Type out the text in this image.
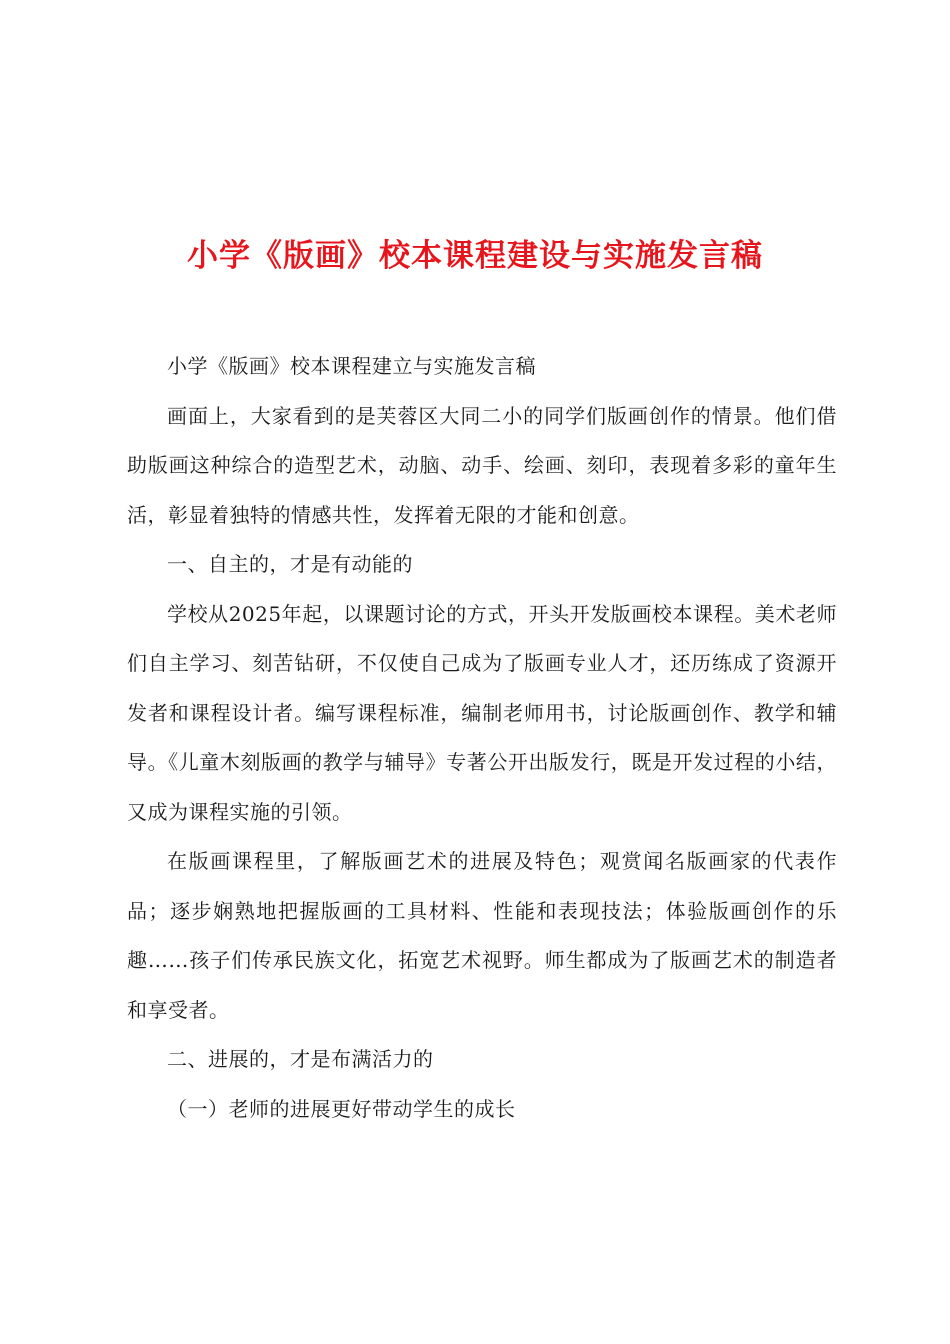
小学《版画》校本课程建设与实施发言稿

小学《版画》校本课程建立与实施发言稿

画面上，大家看到的是芙蓉区大同二小的同学们版画创作的情景。他们借助版画这种综合的造型艺术，动脑、动手、绘画、刻印，表现着多彩的童年生活，彰显着独特的情感共性，发挥着无限的才能和创意。

一、自主的，才是有动能的

学校从2025年起，以课题讨论的方式，开头开发版画校本课程。美术老师们自主学习、刻苦钻研，不仅使自己成为了版画专业人才，还历练成了资源开发者和课程设计者。编写课程标准，编制老师用书，讨论版画创作、教学和辅导。《儿童木刻版画的教学与辅导》专著公开出版发行，既是开发过程的小结，又成为课程实施的引领。

在版画课程里，了解版画艺术的进展及特色；观赏闻名版画家的代表作品；逐步娴熟地把握版画的工具材料、性能和表现技法；体验版画创作的乐趣……孩子们传承民族文化，拓宽艺术视野。师生都成为了版画艺术的制造者和享受者。

二、进展的，才是布满活力的

（一）老师的进展更好带动学生的成长
